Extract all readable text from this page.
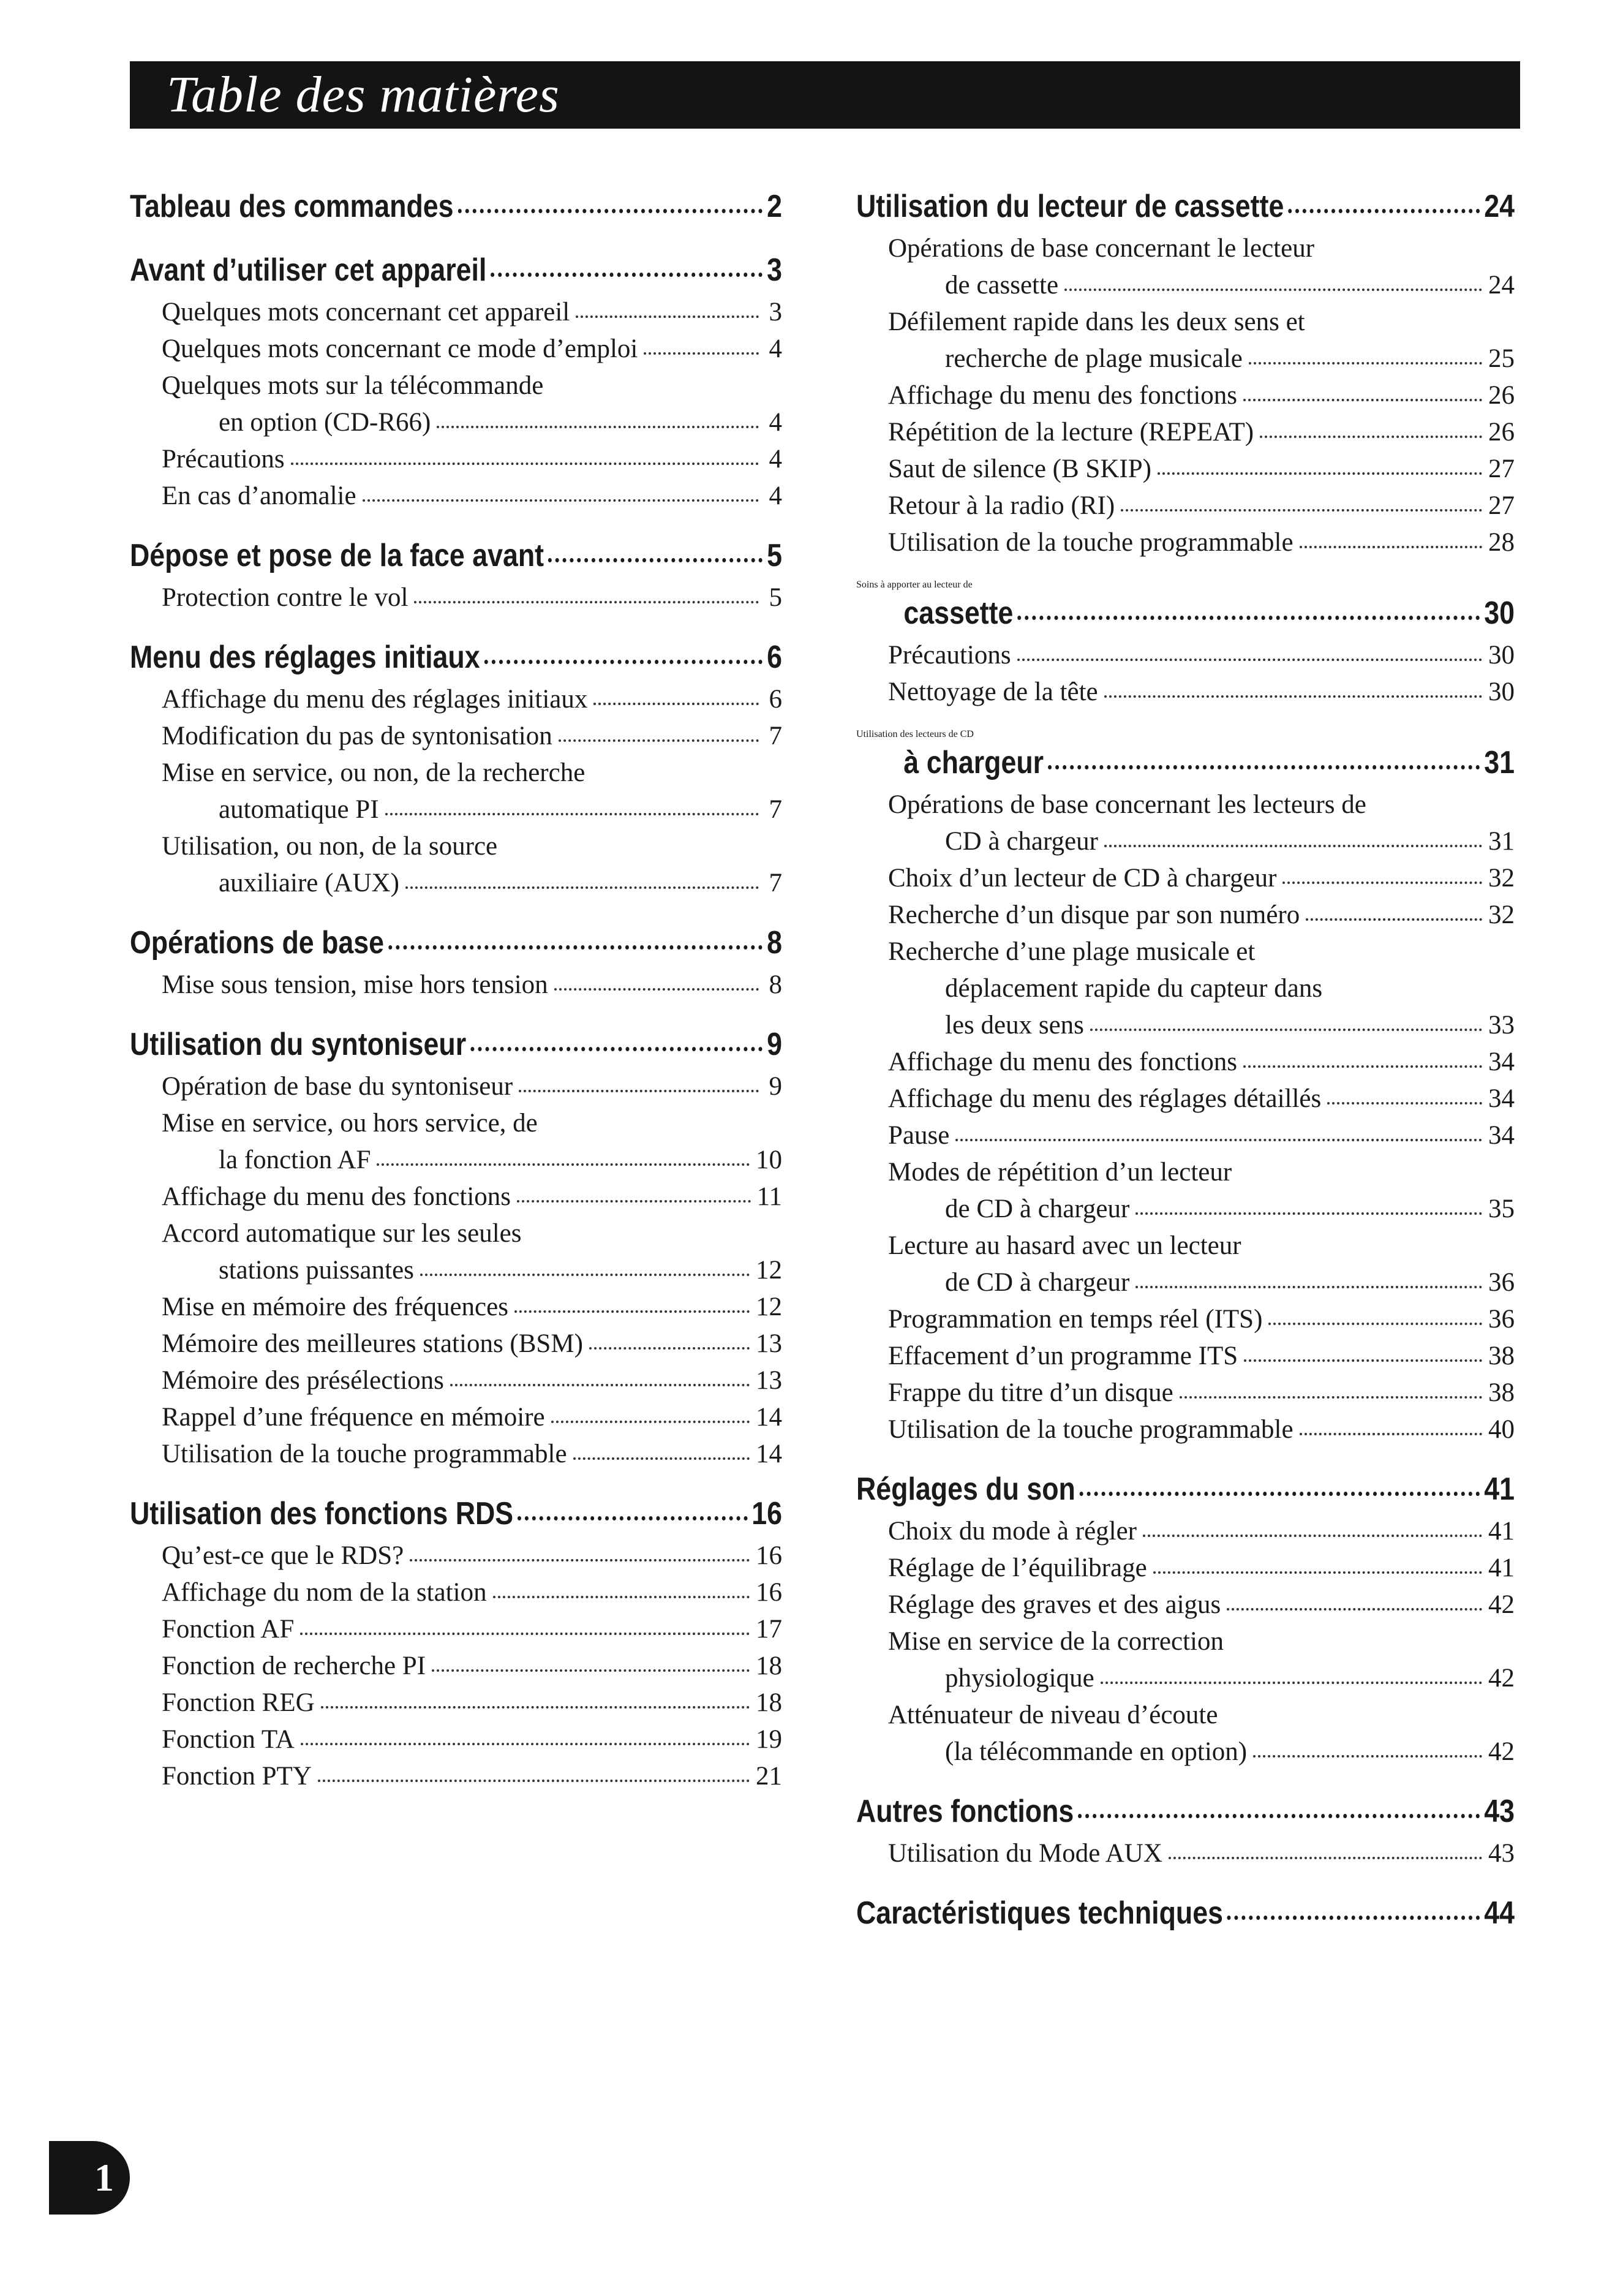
Table des matières
Tableau des commandes	2
Avant d’utiliser cet appareil	3
Quelques mots concernant cet appareil	3
Quelques mots concernant ce mode d’emploi	4
Quelques mots sur la télécommande
en option (CD-R66)	4
Précautions	4
En cas d’anomalie	4
Dépose et pose de la face avant	5
Protection contre le vol	5
Menu des réglages initiaux	6
Affichage du menu des réglages initiaux	6
Modification du pas de syntonisation	7
Mise en service, ou non, de la recherche
automatique PI	7
Utilisation, ou non, de la source
auxiliaire (AUX)	7
Opérations de base	8
Mise sous tension, mise hors tension	8
Utilisation du syntoniseur	9
Opération de base du syntoniseur	9
Mise en service, ou hors service, de
la fonction AF	10
Affichage du menu des fonctions	11
Accord automatique sur les seules
stations puissantes	12
Mise en mémoire des fréquences	12
Mémoire des meilleures stations (BSM)	13
Mémoire des présélections	13
Rappel d’une fréquence en mémoire	14
Utilisation de la touche programmable	14
Utilisation des fonctions RDS	16
Qu’est-ce que le RDS?	16
Affichage du nom de la station	16
Fonction AF	17
Fonction de recherche PI	18
Fonction REG	18
Fonction TA	19
Fonction PTY	21
Utilisation du lecteur de cassette	24
Opérations de base concernant le lecteur
de cassette	24
Défilement rapide dans les deux sens et
recherche de plage musicale	25
Affichage du menu des fonctions	26
Répétition de la lecture (REPEAT)	26
Saut de silence (B SKIP)	27
Retour à la radio (RI)	27
Utilisation de la touche programmable	28
Soins à apporter au lecteur de
cassette	30
Précautions	30
Nettoyage de la tête	30
Utilisation des lecteurs de CD
à chargeur	31
Opérations de base concernant les lecteurs de
CD à chargeur	31
Choix d’un lecteur de CD à chargeur	32
Recherche d’un disque par son numéro	32
Recherche d’une plage musicale et
déplacement rapide du capteur dans
les deux sens	33
Affichage du menu des fonctions	34
Affichage du menu des réglages détaillés	34
Pause	34
Modes de répétition d’un lecteur
de CD à chargeur	35
Lecture au hasard avec un lecteur
de CD à chargeur	36
Programmation en temps réel (ITS)	36
Effacement d’un programme ITS	38
Frappe du titre d’un disque	38
Utilisation de la touche programmable	40
Réglages du son	41
Choix du mode à régler	41
Réglage de l’équilibrage	41
Réglage des graves et des aigus	42
Mise en service de la correction
physiologique	42
Atténuateur de niveau d’écoute
(la télécommande en option)	42
Autres fonctions	43
Utilisation du Mode AUX	43
Caractéristiques techniques	44
1
